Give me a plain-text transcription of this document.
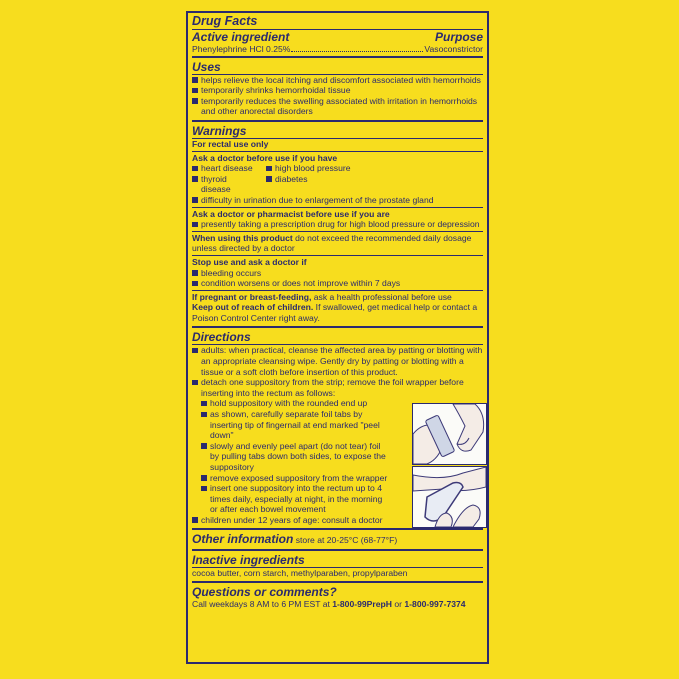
Drug Facts
Active ingredient	Purpose
Phenylephrine HCl 0.25%	Vasoconstrictor
Uses
helps relieve the local itching and discomfort associated with hemorrhoids
temporarily shrinks hemorrhoidal tissue
temporarily reduces the swelling associated with irritation in hemorrhoids and other anorectal disorders
Warnings
For rectal use only
Ask a doctor before use if you have
heart disease	high blood pressure
thyroid disease
diabetes
difficulty in urination due to enlargement of the prostate gland
Ask a doctor or pharmacist before use if you are
presently taking a prescription drug for high blood pressure or depression
When using this product do not exceed the recommended daily dosage unless directed by a doctor
Stop use and ask a doctor if
bleeding occurs
condition worsens or does not improve within 7 days
If pregnant or breast-feeding, ask a health professional before use
Keep out of reach of children. If swallowed, get medical help or contact a Poison Control Center right away.
Directions
adults: when practical, cleanse the affected area by patting or blotting with an appropriate cleansing wipe. Gently dry by patting or blotting with a tissue or a soft cloth before insertion of this product.
detach one suppository from the strip; remove the foil wrapper before inserting into the rectum as follows:
hold suppository with the rounded end up
as shown, carefully separate foil tabs by inserting tip of fingernail at end marked "peel down"
slowly and evenly peel apart (do not tear) foil by pulling tabs down both sides, to expose the suppository
remove exposed suppository from the wrapper
insert one suppository into the rectum up to 4 times daily, especially at night, in the morning or after each bowel movement
children under 12 years of age: consult a doctor
Other information store at 20-25°C (68-77°F)
Inactive ingredients
cocoa butter, corn starch, methylparaben, propylparaben
Questions or comments?
Call weekdays 8 AM to 6 PM EST at 1-800-99PrepH or 1-800-997-7374
